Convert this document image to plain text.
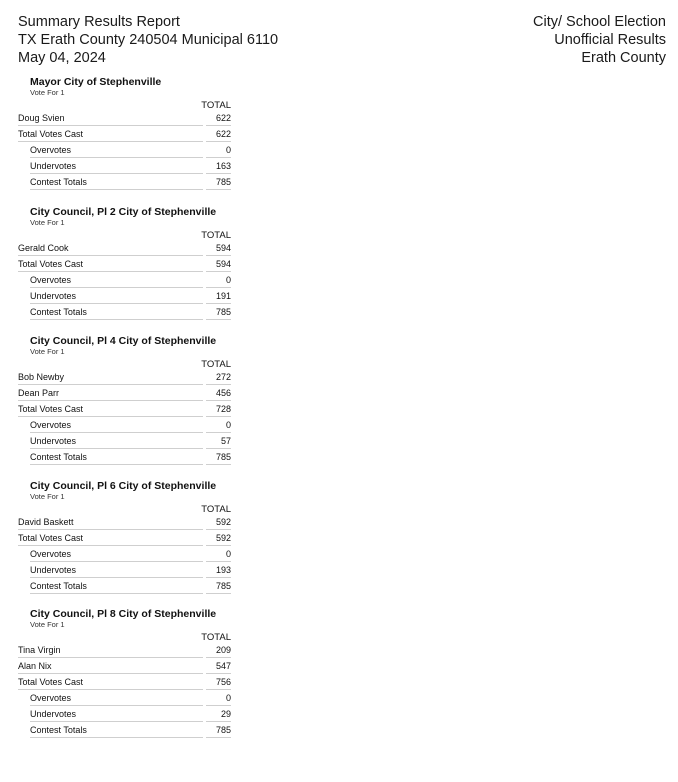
Summary Results Report
TX Erath County 240504 Municipal 6110
May 04, 2024
City/ School Election
Unofficial Results
Erath County
Mayor City of Stephenville
Vote For 1
TOTAL
Doug Svien	622
Total Votes Cast	622
Overvotes	0
Undervotes	163
Contest Totals	785
City Council, Pl 2 City of Stephenville
Vote For 1
TOTAL
Gerald Cook	594
Total Votes Cast	594
Overvotes	0
Undervotes	191
Contest Totals	785
City Council, Pl 4 City of Stephenville
Vote For 1
TOTAL
Bob Newby	272
Dean Parr	456
Total Votes Cast	728
Overvotes	0
Undervotes	57
Contest Totals	785
City Council, Pl 6 City of Stephenville
Vote For 1
TOTAL
David Baskett	592
Total Votes Cast	592
Overvotes	0
Undervotes	193
Contest Totals	785
City Council, Pl 8 City of Stephenville
Vote For 1
TOTAL
Tina Virgin	209
Alan Nix	547
Total Votes Cast	756
Overvotes	0
Undervotes	29
Contest Totals	785
